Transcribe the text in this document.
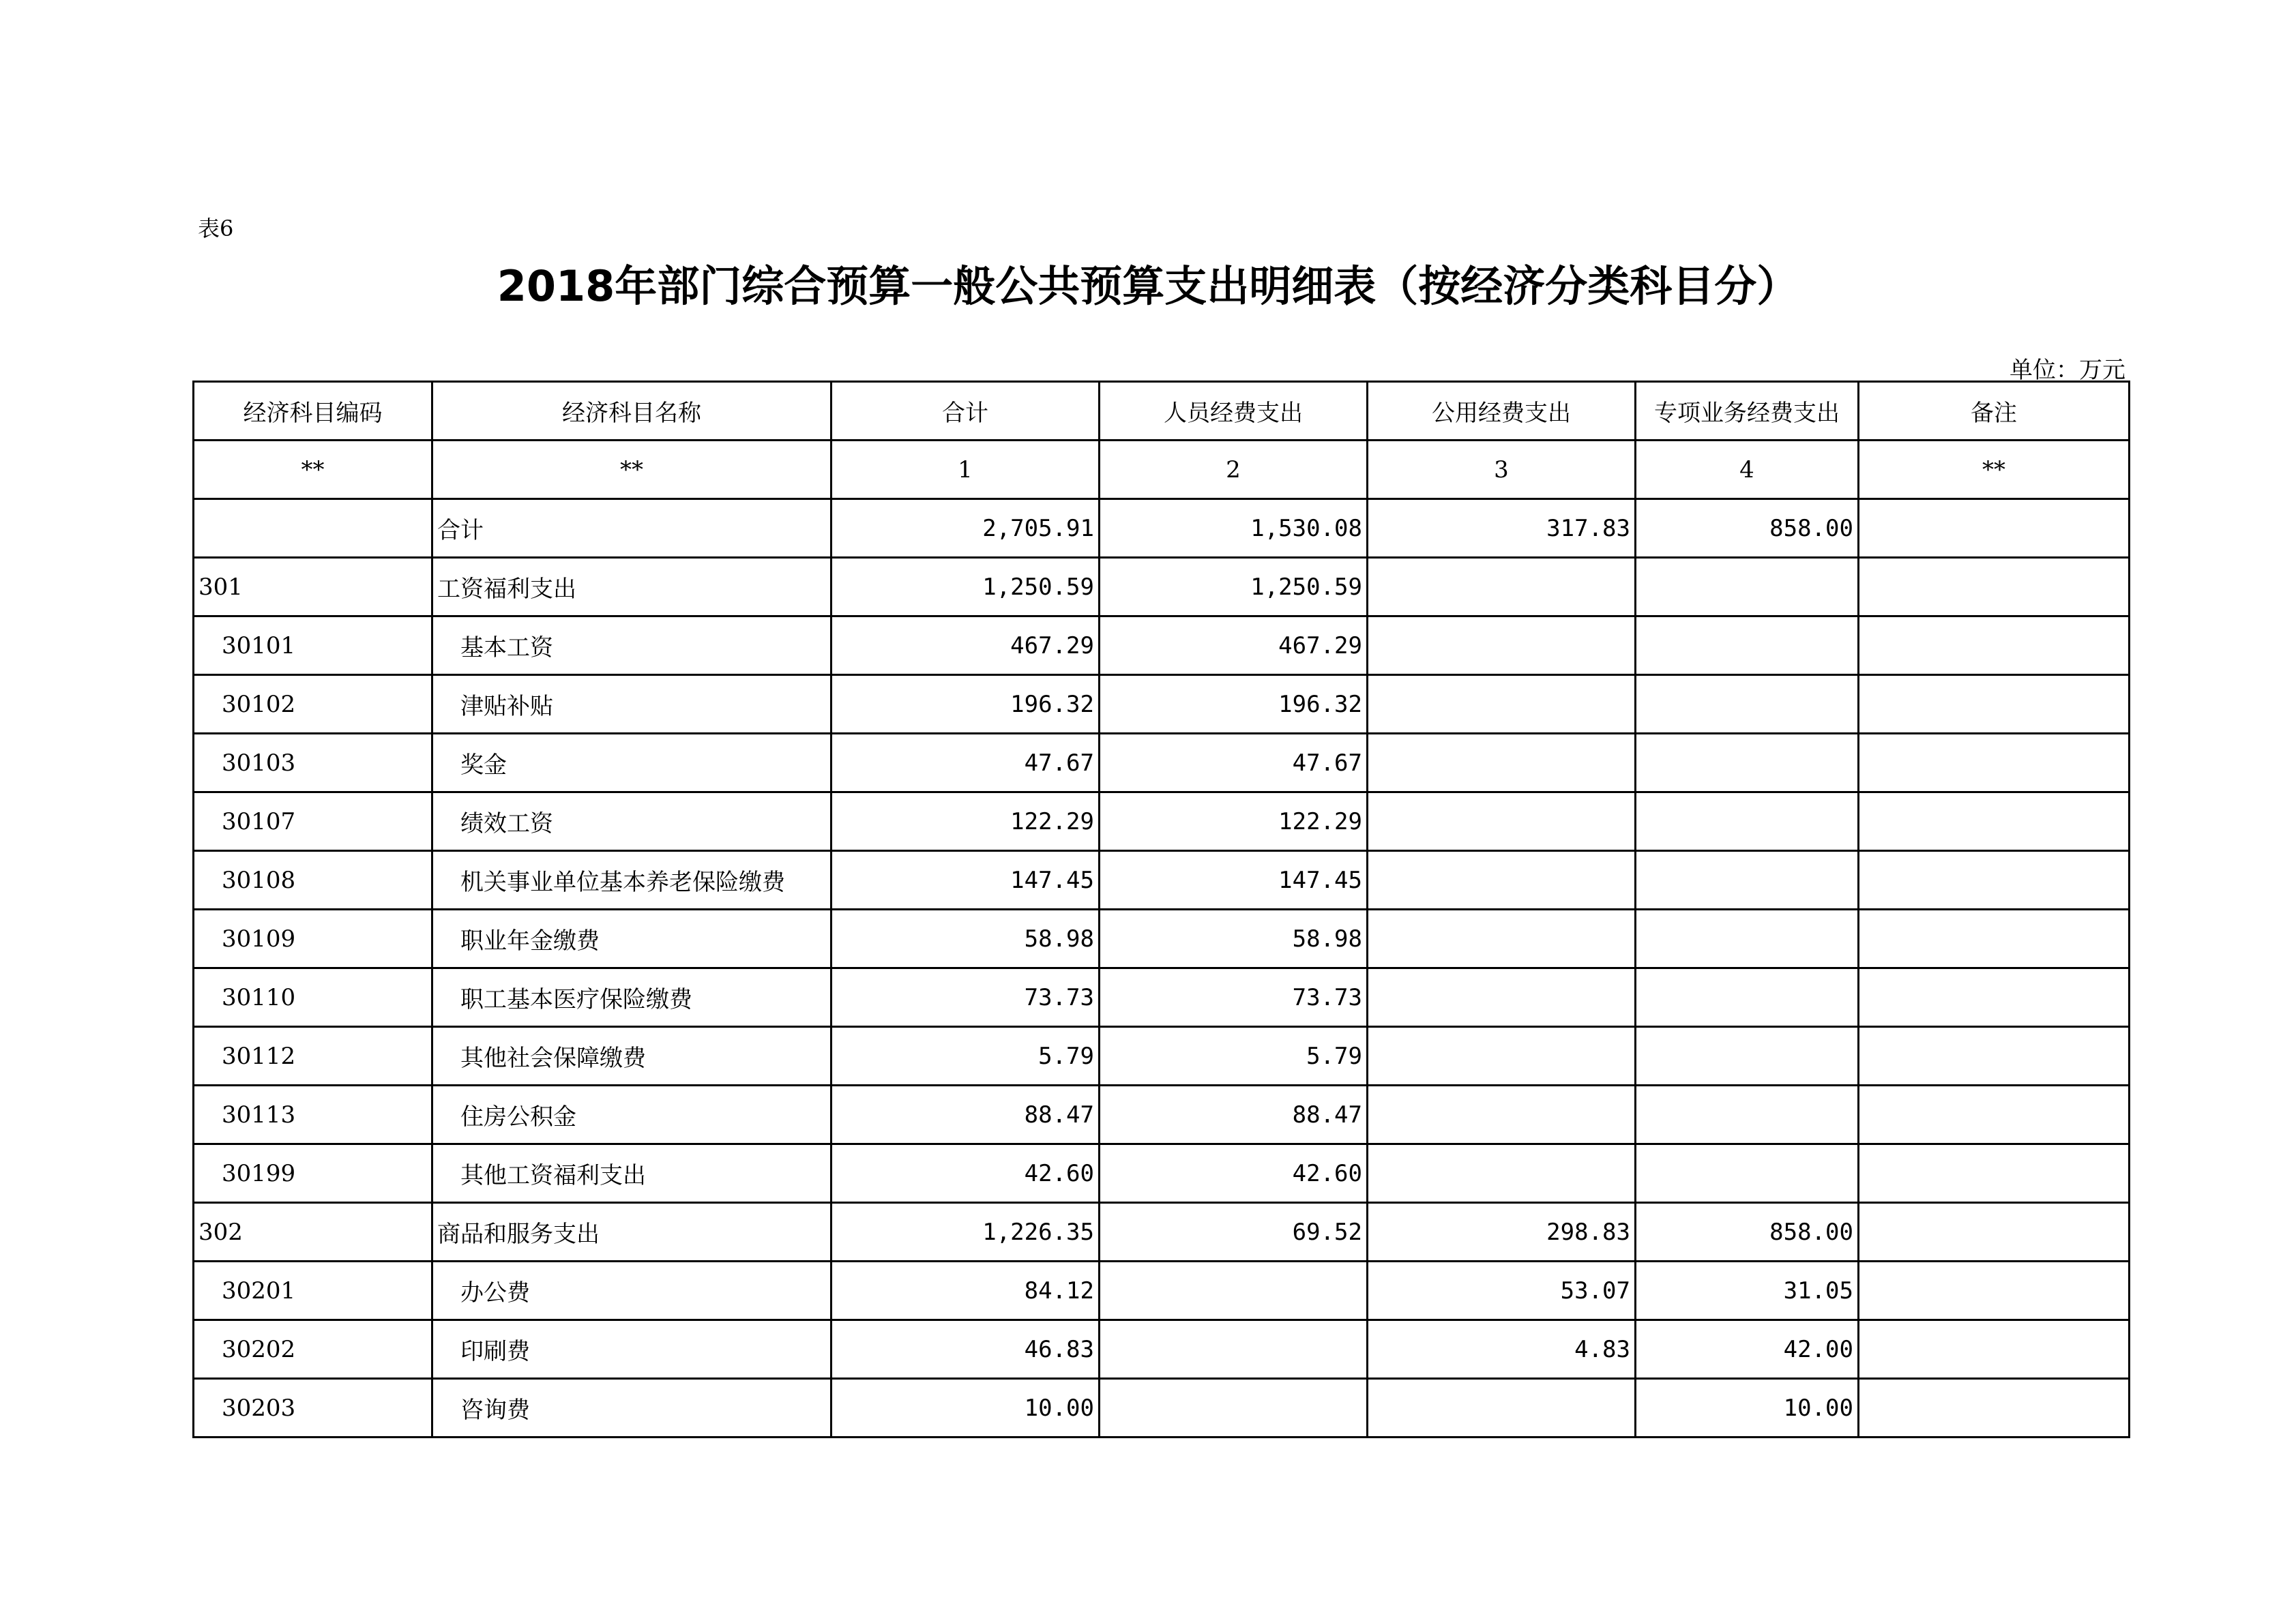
表6
2018年部门综合预算一般公共预算支出明细表（按经济分类科目分）
单位：万元
经济科目编码	经济科目名称	合计	人员经费支出	公用经费支出	专项业务经费支出	备注
**	**	1	2	3	4	**
	合计	2,705.91	1,530.08	317.83	858.00	
301	工资福利支出	1,250.59	1,250.59			
30101	基本工资	467.29	467.29			
30102	津贴补贴	196.32	196.32			
30103	奖金	47.67	47.67			
30107	绩效工资	122.29	122.29			
30108	机关事业单位基本养老保险缴费	147.45	147.45			
30109	职业年金缴费	58.98	58.98			
30110	职工基本医疗保险缴费	73.73	73.73			
30112	其他社会保障缴费	5.79	5.79			
30113	住房公积金	88.47	88.47			
30199	其他工资福利支出	42.60	42.60			
302	商品和服务支出	1,226.35	69.52	298.83	858.00	
30201	办公费	84.12		53.07	31.05	
30202	印刷费	46.83		4.83	42.00	
30203	咨询费	10.00			10.00	
